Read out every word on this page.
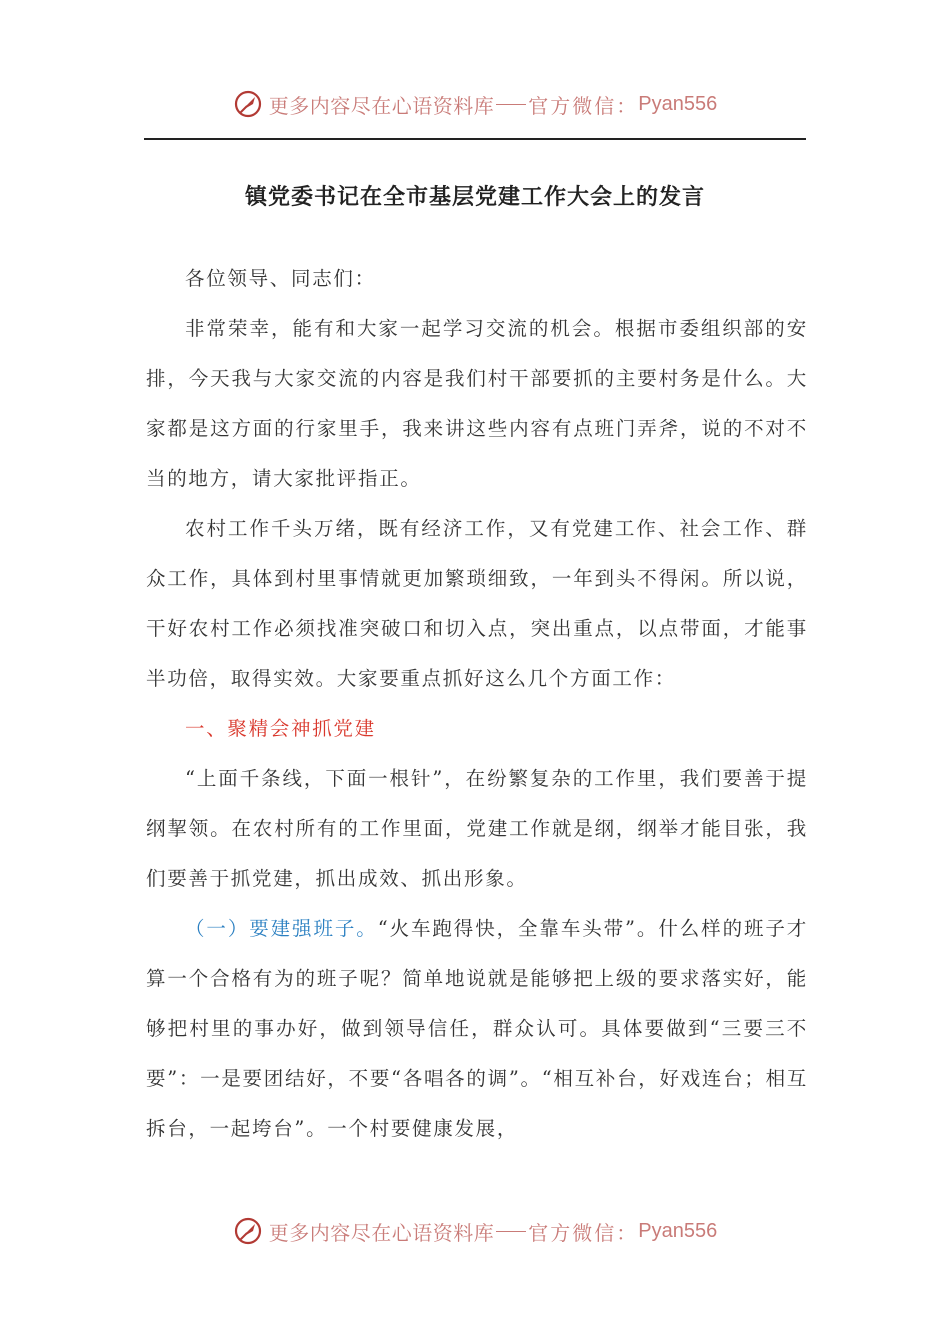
更多内容尽在心语资料库 官方微信： Pyan556
镇党委书记在全市基层党建工作大会上的发言

各位领导、同志们：

非常荣幸，能有和大家一起学习交流的机会。根据市委组织部的安排，今天我与大家交流的内容是我们村干部要抓的主要村务是什么。大家都是这方面的行家里手，我来讲这些内容有点班门弄斧，说的不对不当的地方，请大家批评指正。

农村工作千头万绪，既有经济工作，又有党建工作、社会工作、群众工作，具体到村里事情就更加繁琐细致，一年到头不得闲。所以说，干好农村工作必须找准突破口和切入点，突出重点，以点带面，才能事半功倍，取得实效。大家要重点抓好这么几个方面工作：

一、聚精会神抓党建

“上面千条线，下面一根针”，在纷繁复杂的工作里，我们要善于提纲挈领。在农村所有的工作里面，党建工作就是纲，纲举才能目张，我们要善于抓党建，抓出成效、抓出形象。

（一）要建强班子。“火车跑得快，全靠车头带”。什么样的班子才算一个合格有为的班子呢？简单地说就是能够把上级的要求落实好，能够把村里的事办好，做到领导信任，群众认可。具体要做到“三要三不要”：一是要团结好，不要“各唱各的调”。“相互补台，好戏连台；相互拆台，一起垮台”。一个村要健康发展，

更多内容尽在心语资料库 官方微信： Pyan556
